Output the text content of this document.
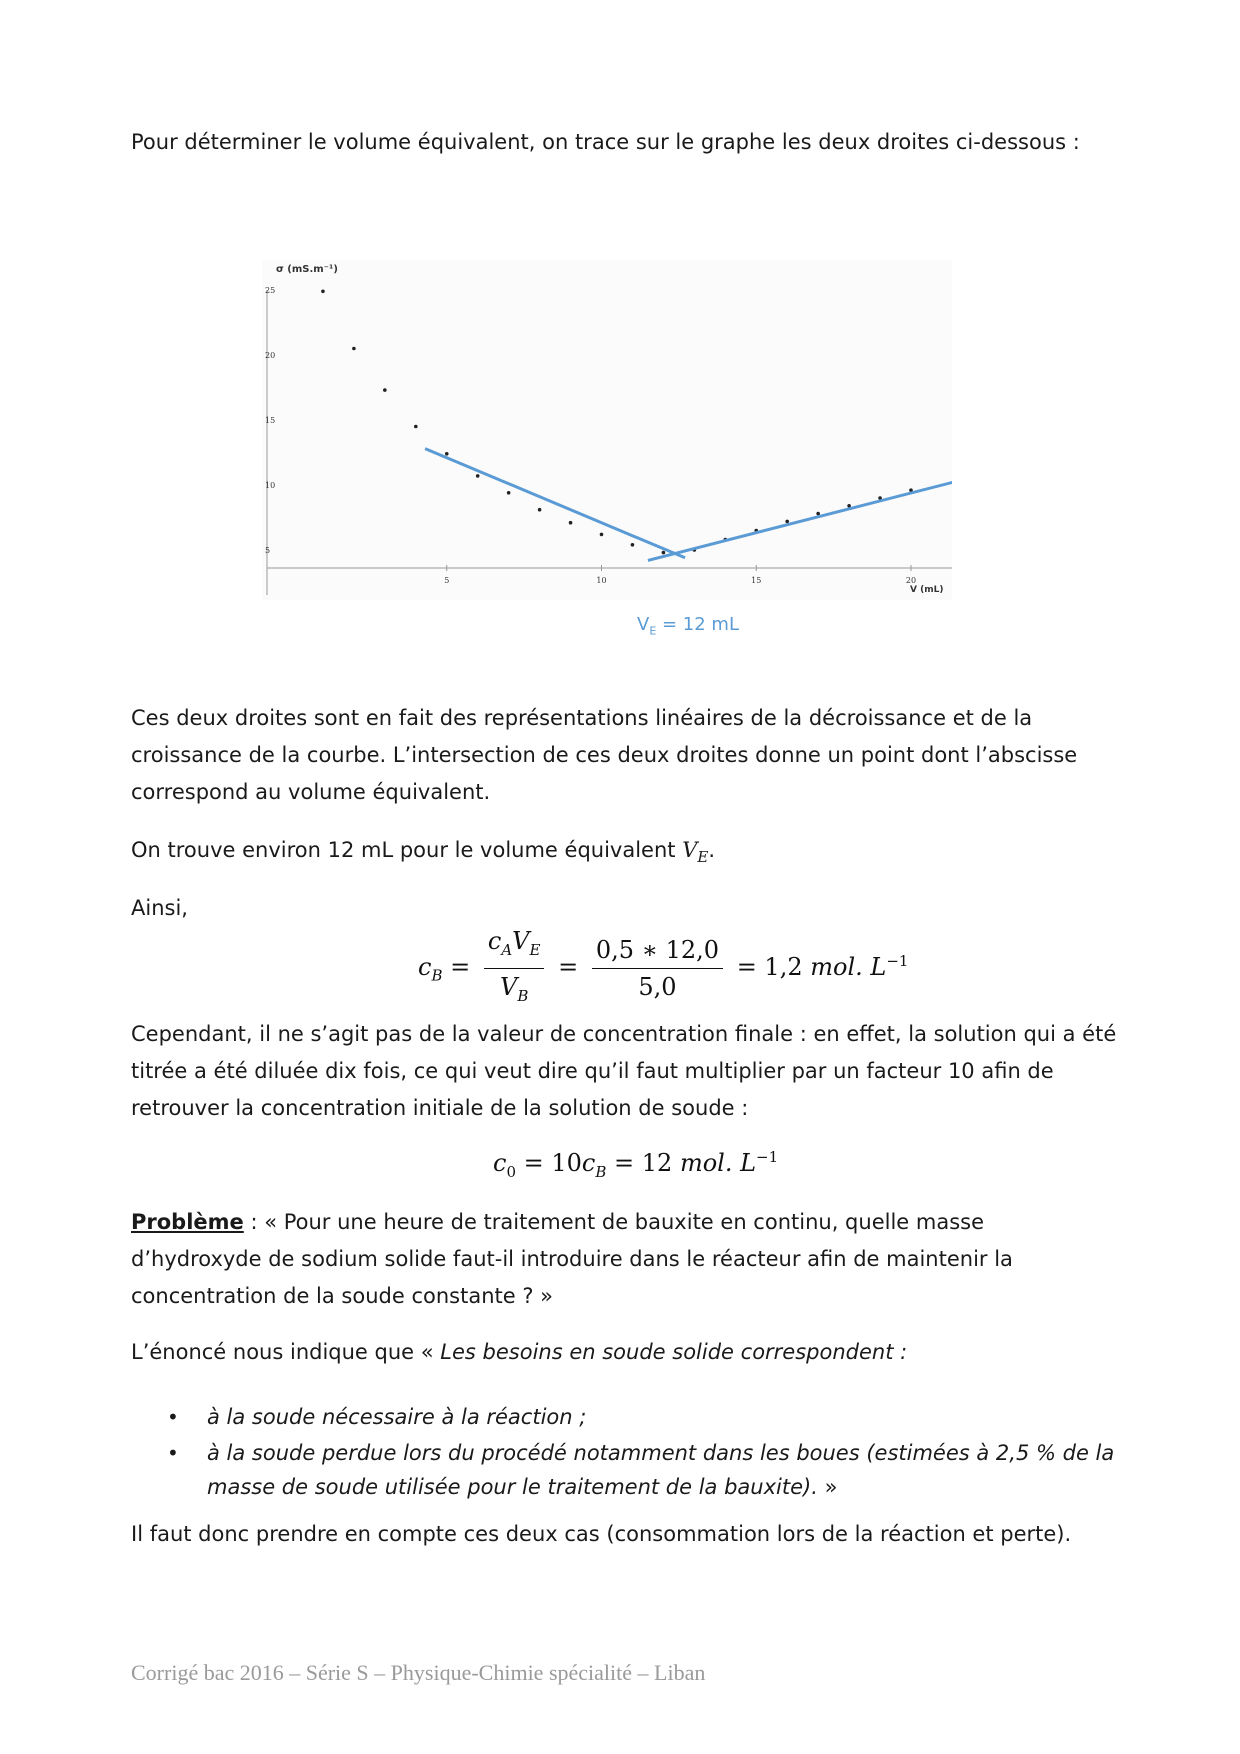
Pour déterminer le volume équivalent, on trace sur le graphe les deux droites ci-dessous :

σ (mS.m⁻¹)
V (mL)
5	10	15	20
25
20
15
10
5
$V_E = 12$ mL

Ces deux droites sont en fait des représentations linéaires de la décroissance et de la croissance de la courbe. L’intersection de ces deux droites donne un point dont l’abscisse correspond au volume équivalent.

On trouve environ 12 mL pour le volume équivalent $V_E$.

Ainsi,

$c_B = \frac{c_AV_E}{V_B} = \frac{0,5 ∗ 12,0}{5,0} = 1,2$ mol. $L^{-1}$

Cependant, il ne s’agit pas de la valeur de concentration finale : en effet, la solution qui a été titrée a été diluée dix fois, ce qui veut dire qu’il faut multiplier par un facteur 10 afin de retrouver la concentration initiale de la solution de soude :

$c_0 = 10c_B = 12$ mol. $L^{-1}$

Problème : « Pour une heure de traitement de bauxite en continu, quelle masse d’hydroxyde de sodium solide faut-il introduire dans le réacteur afin de maintenir la concentration de la soude constante ? »

L’énoncé nous indique que « Les besoins en soude solide correspondent :

• à la soude nécessaire à la réaction ;
• à la soude perdue lors du procédé notamment dans les boues (estimées à 2,5 % de la masse de soude utilisée pour le traitement de la bauxite). »

Il faut donc prendre en compte ces deux cas (consommation lors de la réaction et perte).

Corrigé bac 2016 – Série S – Physique-Chimie spécialité – Liban
